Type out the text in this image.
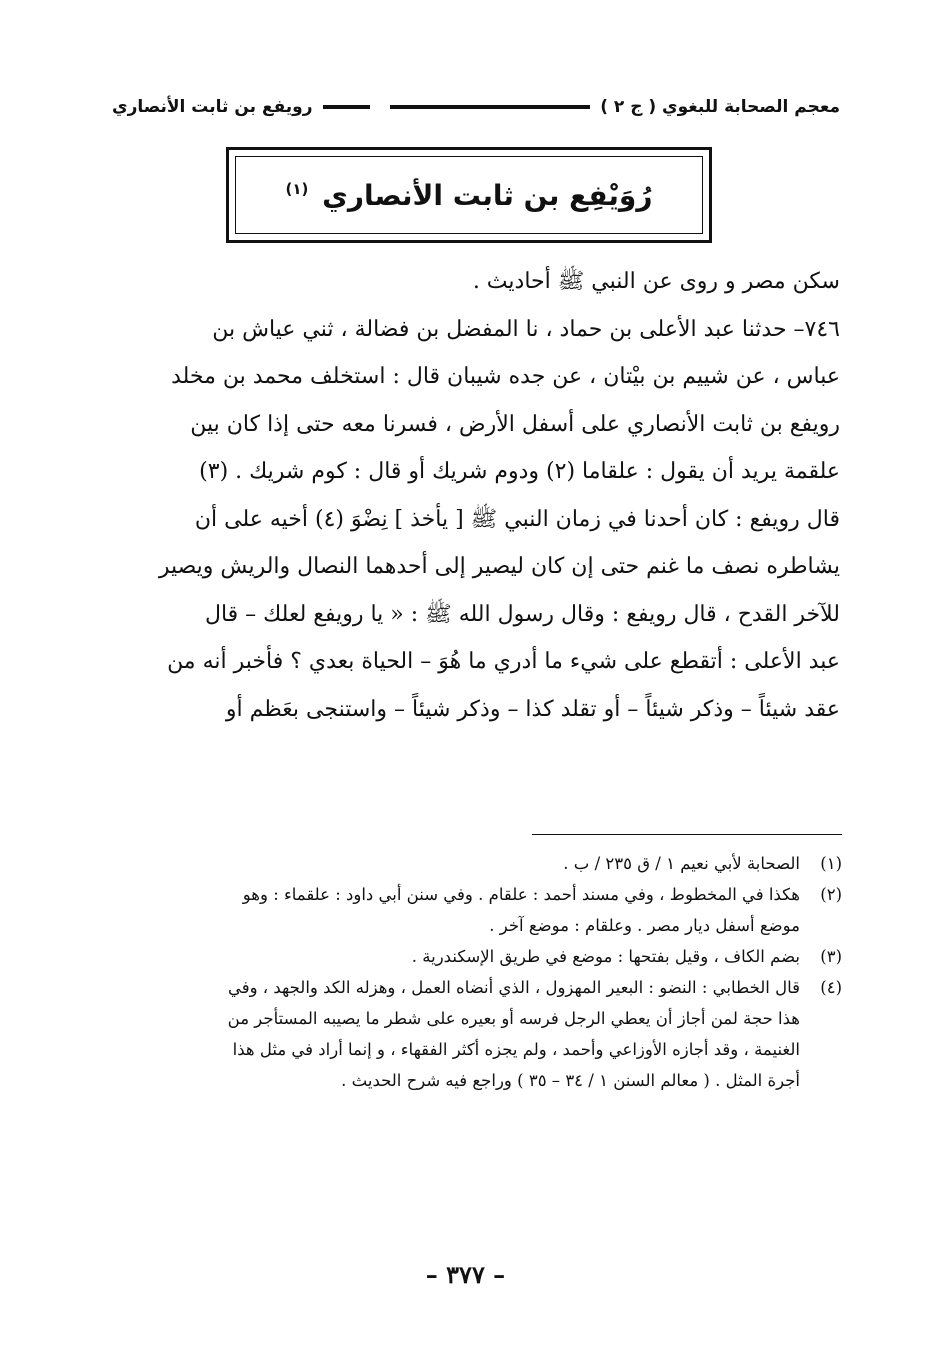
معجم الصحابة للبغوي ( ج ٢ )
رويفع بن ثابت الأنصاري
رُوَيْفِع بن ثابت الأنصاري $^{(١)}$

سكن مصر و روى عن النبي ﷺ أحاديث .

٧٤٦– حدثنا عبد الأعلى بن حماد ، نا المفضل بن فضالة ، ثني عياش بن

عباس ، عن شييم بن بيْتان ، عن جده شيبان قال : استخلف محمد بن مخلد

رويفع بن ثابت الأنصاري على أسفل الأرض ، فسرنا معه حتى إذا كان بين

علقمة يريد أن يقول : علقاما (٢) ودوم شريك أو قال : كوم شريك . (٣)

قال رويفع : كان أحدنا في زمان النبي ﷺ [ يأخذ ] نِضْوَ (٤) أخيه على أن

يشاطره نصف ما غنم حتى إن كان ليصير إلى أحدهما النصال والريش ويصير

للآخر القدح ، قال رويفع : وقال رسول الله ﷺ : « يا رويفع لعلك – قال

عبد الأعلى : أتقطع على شيء ما أدري ما هُوَ – الحياة بعدي ؟ فأخبر أنه من

عقد شيئاً – وذكر شيئاً – أو تقلد كذا – وذكر شيئاً – واستنجى بعَظم أو

(١)
الصحابة لأبي نعيم ١ / ق ٢٣٥ / ب .
(٢)
هكذا في المخطوط ، وفي مسند أحمد : علقام . وفي سنن أبي داود : علقماء : وهو
موضع أسفل ديار مصر . وعلقام : موضع آخر .
(٣)
بضم الكاف ، وقيل بفتحها : موضع في طريق الإسكندرية .
(٤)
قال الخطابي : النضو : البعير المهزول ، الذي أنضاه العمل ، وهزله الكد والجهد ، وفي
هذا حجة لمن أجاز أن يعطي الرجل فرسه أو بعيره على شطر ما يصيبه المستأجر من
الغنيمة ، وقد أجازه الأوزاعي وأحمد ، ولم يجزه أكثر الفقهاء ، و إنما أراد في مثل هذا
أجرة المثل . ( معالم السنن ١ / ٣٤ – ٣٥ ) وراجع فيه شرح الحديث .
– ٣٧٧ –
